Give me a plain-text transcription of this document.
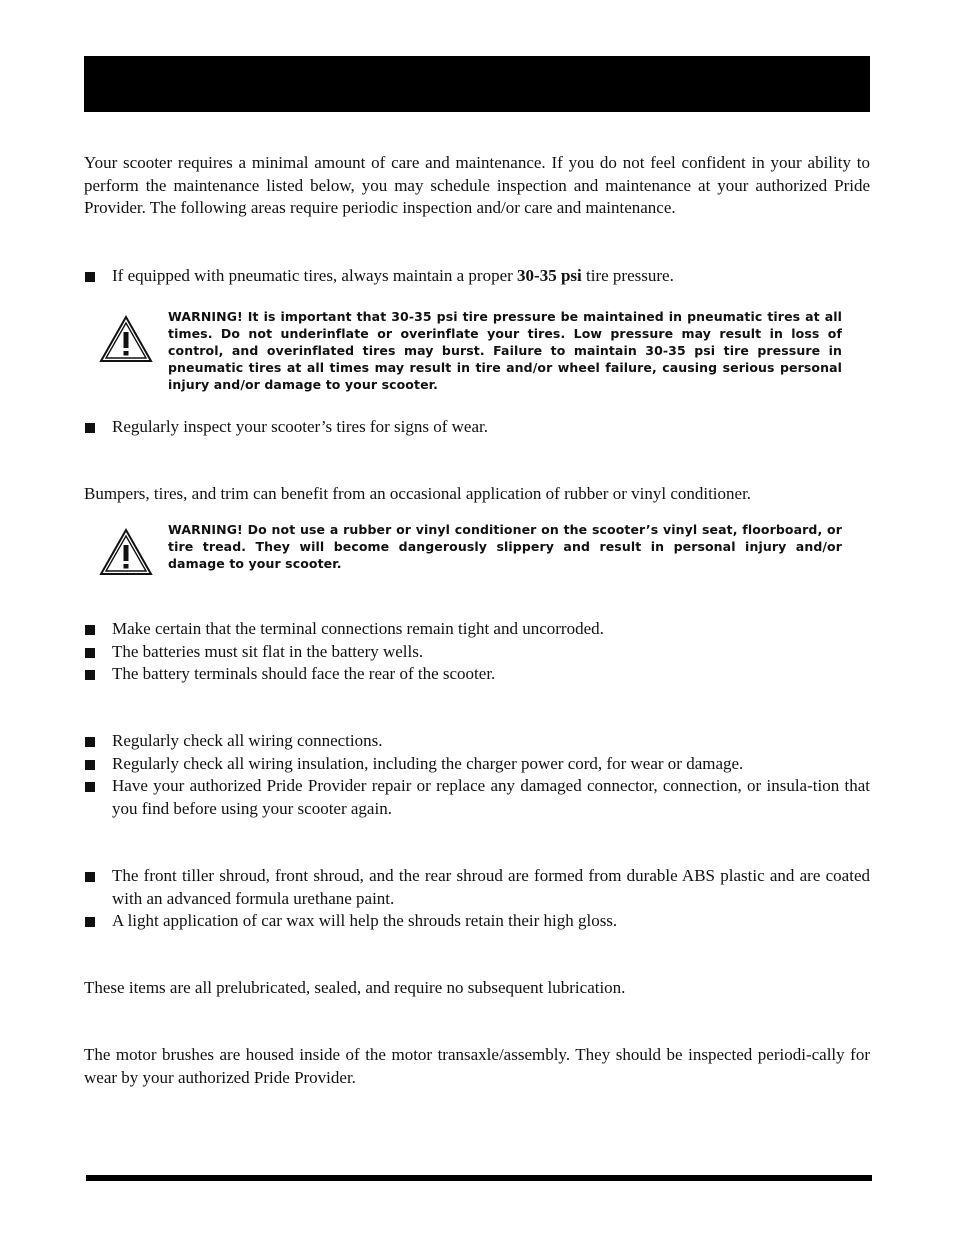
Your scooter requires a minimal amount of care and maintenance. If you do not feel confident in your ability to perform the maintenance listed below, you may schedule inspection and maintenance at your authorized Pride Provider. The following areas require periodic inspection and/or care and maintenance.

If equipped with pneumatic tires, always maintain a proper 30-35 psi tire pressure.
WARNING! It is important that 30-35 psi tire pressure be maintained in pneumatic tires at all times. Do not underinflate or overinflate your tires. Low pressure may result in loss of control, and overinflated tires may burst. Failure to maintain 30-35 psi tire pressure in pneumatic tires at all times may result in tire and/or wheel failure, causing serious personal injury and/or damage to your scooter.
Regularly inspect your scooter’s tires for signs of wear.

Bumpers, tires, and trim can benefit from an occasional application of rubber or vinyl conditioner.

WARNING! Do not use a rubber or vinyl conditioner on the scooter’s vinyl seat, floorboard, or tire tread. They will become dangerously slippery and result in personal injury and/or damage to your scooter.
Make certain that the terminal connections remain tight and uncorroded.
The batteries must sit flat in the battery wells.
The battery terminals should face the rear of the scooter.
Regularly check all wiring connections.
Regularly check all wiring insulation, including the charger power cord, for wear or damage.
Have your authorized Pride Provider repair or replace any damaged connector, connection, or insula-tion that you find before using your scooter again.
The front tiller shroud, front shroud, and the rear shroud are formed from durable ABS plastic and are coated with an advanced formula urethane paint.
A light application of car wax will help the shrouds retain their high gloss.

These items are all prelubricated, sealed, and require no subsequent lubrication.

The motor brushes are housed inside of the motor transaxle/assembly. They should be inspected periodi-cally for wear by your authorized Pride Provider.
